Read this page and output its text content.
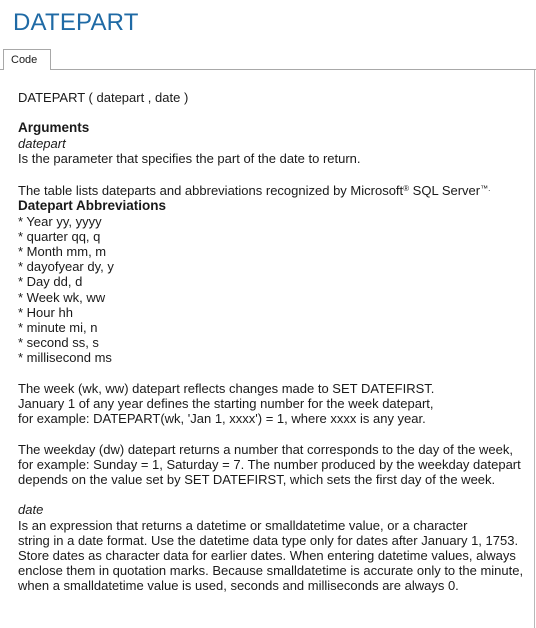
DATEPART
Code

DATEPART ( datepart , date )

Arguments

datepart

Is the parameter that specifies the part of the date to return.

The table lists dateparts and abbreviations recognized by Microsoft® SQL Server™.

Datepart Abbreviations

* Year yy, yyyy

* quarter qq, q

* Month mm, m

* dayofyear dy, y

* Day dd, d

* Week wk, ww

* Hour hh

* minute mi, n

* second ss, s

* millisecond ms

The week (wk, ww) datepart reflects changes made to SET DATEFIRST.

January 1 of any year defines the starting number for the week datepart,

for example: DATEPART(wk, 'Jan 1, xxxx') = 1, where xxxx is any year.

The weekday (dw) datepart returns a number that corresponds to the day of the week,

for example: Sunday = 1, Saturday = 7. The number produced by the weekday datepart

depends on the value set by SET DATEFIRST, which sets the first day of the week.

date

Is an expression that returns a datetime or smalldatetime value, or a character

string in a date format. Use the datetime data type only for dates after January 1, 1753.

Store dates as character data for earlier dates. When entering datetime values, always

enclose them in quotation marks. Because smalldatetime is accurate only to the minute,

when a smalldatetime value is used, seconds and milliseconds are always 0.
